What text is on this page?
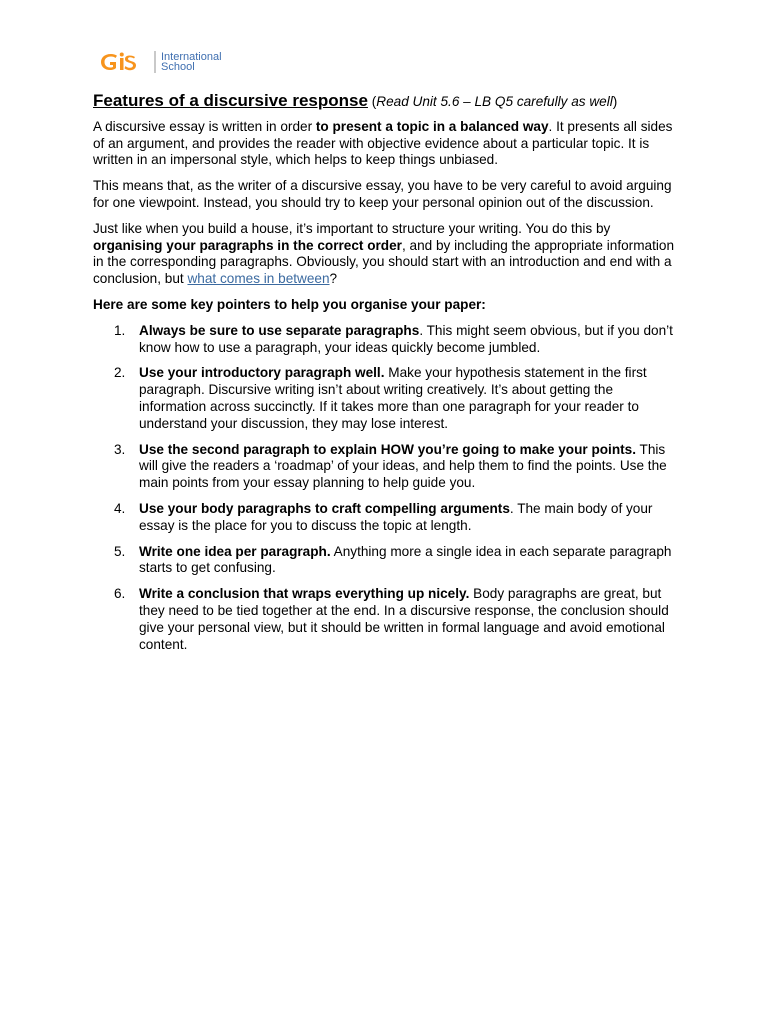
International
School
Features of a discursive response (Read Unit 5.6 – LB Q5 carefully as well)

A discursive essay is written in order to present a topic in a balanced way. It presents all sides of an argument, and provides the reader with objective evidence about a particular topic. It is written in an impersonal style, which helps to keep things unbiased.

This means that, as the writer of a discursive essay, you have to be very careful to avoid arguing for one viewpoint. Instead, you should try to keep your personal opinion out of the discussion.

Just like when you build a house, it’s important to structure your writing. You do this by organising your paragraphs in the correct order, and by including the appropriate information in the corresponding paragraphs. Obviously, you should start with an introduction and end with a conclusion, but what comes in between?

Here are some key pointers to help you organise your paper:
1. Always be sure to use separate paragraphs. This might seem obvious, but if you don’t know how to use a paragraph, your ideas quickly become jumbled.
2. Use your introductory paragraph well. Make your hypothesis statement in the first paragraph. Discursive writing isn’t about writing creatively. It’s about getting the information across succinctly. If it takes more than one paragraph for your reader to understand your discussion, they may lose interest.
3. Use the second paragraph to explain HOW you’re going to make your points. This will give the readers a ‘roadmap’ of your ideas, and help them to find the points. Use the main points from your essay planning to help guide you.
4. Use your body paragraphs to craft compelling arguments. The main body of your essay is the place for you to discuss the topic at length.
5. Write one idea per paragraph. Anything more a single idea in each separate paragraph starts to get confusing.
6. Write a conclusion that wraps everything up nicely. Body paragraphs are great, but they need to be tied together at the end. In a discursive response, the conclusion should give your personal view, but it should be written in formal language and avoid emotional content.
